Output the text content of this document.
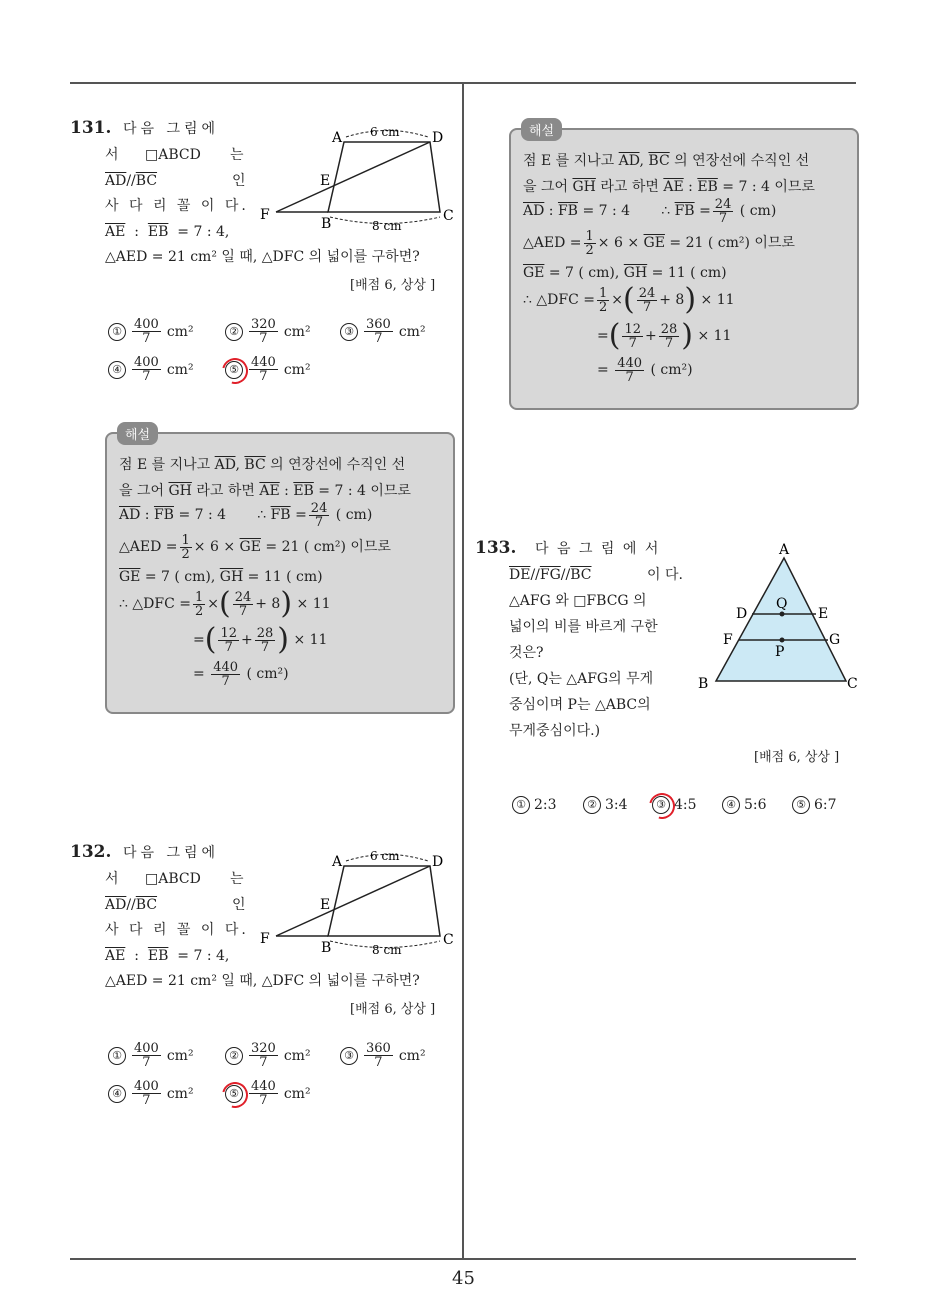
45
131. 다음 그림에
서 □ABCD 는
$\overline{AD}//\overline{BC}$	인
사 다 리 꼴 이 다.
$\overline{AE}$ : $\overline{EB} = 7$ : 4,
△AED = 21 cm² 일 때, △DFC 의 넓이를 구하면?
[배점 6, 상상 ]
A	D
E
F
B	C
6 cm
8 cm
① $\frac{400}{7} cm^2$	② $\frac{320}{7} cm^2$	③ $\frac{360}{7} cm^2$
④ $\frac{400}{7} cm^2$	⑤ $\frac{440}{7} cm^2$
해설
점 E 를 지나고 $\overline{AD}$, $\overline{BC}$ 의 연장선에 수직인 선
을 그어 $\overline{GH}$ 라고 하면 $\overline{AE}$ : $\overline{EB} = 7$ : 4 이므로
$\overline{AD}$ : $\overline{FB} = 7$ : 4 ∴ $\overline{FB} = \frac{24}{7}$ ( cm)
△AED = $\frac{1}{2} \times 6 \times \overline{GE} = 21$ ( cm²) 이므로
$\overline{GE} = 7$ ( cm), $\overline{GH} = 11$ ( cm)
∴ △DFC = $\frac{1}{2}$ ×( $\frac{24}{7} + 8) \times 11$
=( $\frac{12}{7} + \frac{28}{7}$ ) × 11
= $\frac{440}{7}$ ( cm²)
해설
점 E 를 지나고 $\overline{AD}$, $\overline{BC}$ 의 연장선에 수직인 선
을 그어 $\overline{GH}$ 라고 하면 $\overline{AE}$ : $\overline{EB} = 7$ : 4 이므로
$\overline{AD}$ : $\overline{FB} = 7$ : 4 ∴ $\overline{FB} = \frac{24}{7}$ ( cm)
△AED = $\frac{1}{2} \times 6 \times \overline{GE} = 21$ ( cm²) 이므로
$\overline{GE} = 7$ ( cm), $\overline{GH} = 11$ ( cm)
∴ △DFC = $\frac{1}{2}$ ×( $\frac{24}{7} + 8) \times 11$
=( $\frac{12}{7} + \frac{28}{7}$ ) × 11
= $\frac{440}{7}$ ( cm²)
132. 다음 그림에
서 □ABCD 는
$\overline{AD}//\overline{BC}$	인
사 다 리 꼴 이 다.
$\overline{AE}$ : $\overline{EB} = 7$ : 4,
△AED = 21 cm² 일 때, △DFC 의 넓이를 구하면?
[배점 6, 상상 ]
A	D
E
F
B	C
6 cm
8 cm
① $\frac{400}{7} cm^2$	② $\frac{320}{7} cm^2$	③ $\frac{360}{7} cm^2$
④ $\frac{400}{7} cm^2$	⑤ $\frac{440}{7} cm^2$
133. 다 음 그 림 에 서
$\overline{DE}//\overline{FG}//\overline{BC}$	이 다.
△AFG 와 □FBCG 의
넓이의 비를 바르게 구한
것은?
(단, Q는 △AFG의 무게
중심이며 P는 △ABC의
무게중심이다.)
[배점 6, 상상 ]
A
B	C
D	E
F	G
Q
P
① 2:3	② 3:4	③ 4:5	④ 5:6	⑤ 6:7
